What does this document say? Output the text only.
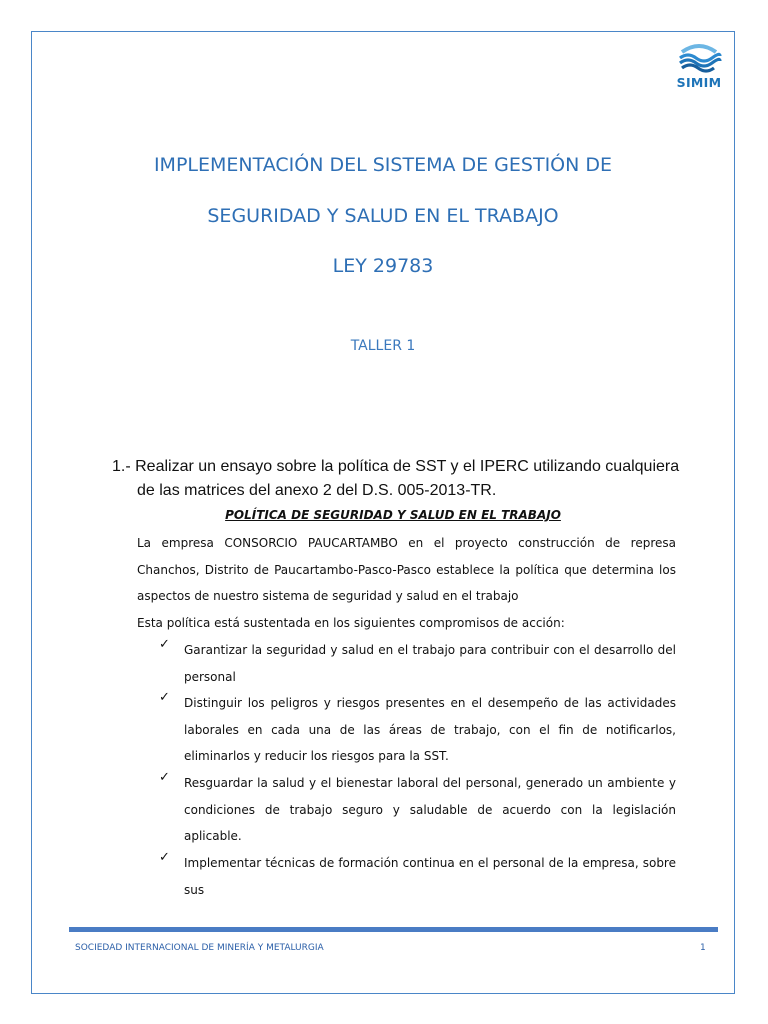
SIMIM
IMPLEMENTACIÓN DEL SISTEMA DE GESTIÓN DE
SEGURIDAD Y SALUD EN EL TRABAJO
LEY 29783
TALLER 1
1.- Realizar un ensayo sobre la política de SST y el IPERC utilizando cualquiera
de las matrices del anexo 2 del D.S. 005-2013-TR.
POLÍTICA DE SEGURIDAD Y SALUD EN EL TRABAJO
La empresa CONSORCIO PAUCARTAMBO en el proyecto construcción de represa Chanchos, Distrito de Paucartambo-Pasco-Pasco establece la política que determina los aspectos de nuestro sistema de seguridad y salud en el trabajo
Esta política está sustentada en los siguientes compromisos de acción:
✓ Garantizar la seguridad y salud en el trabajo para contribuir con el desarrollo del personal
✓ Distinguir los peligros y riesgos presentes en el desempeño de las actividades laborales en cada una de las áreas de trabajo, con el fin de notificarlos, eliminarlos y reducir los riesgos para la SST.
✓ Resguardar la salud y el bienestar laboral del personal, generado un ambiente y condiciones de trabajo seguro y saludable de acuerdo con la legislación aplicable.
✓ Implementar técnicas de formación continua en el personal de la empresa, sobre sus
SOCIEDAD INTERNACIONAL DE MINERÍA Y METALURGIA	1
